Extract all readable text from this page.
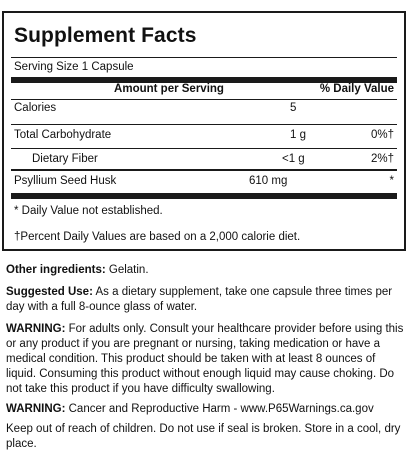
Supplement Facts
Serving Size 1 Capsule
Amount per Serving	% Daily Value
Calories	5
Total Carbohydrate	1 g	0%†
Dietary Fiber	<1 g	2%†
Psyllium Seed Husk	610 mg	*
* Daily Value not established.
†Percent Daily Values are based on a 2,000 calorie diet.
Other ingredients: Gelatin.
Suggested Use: As a dietary supplement, take one capsule three times per day with a full 8-ounce glass of water.
WARNING: For adults only. Consult your healthcare provider before using this or any product if you are pregnant or nursing, taking medication or have a medical condition. This product should be taken with at least 8 ounces of liquid. Consuming this product without enough liquid may cause choking. Do not take this product if you have difficulty swallowing.
WARNING: Cancer and Reproductive Harm - www.P65Warnings.ca.gov
Keep out of reach of children. Do not use if seal is broken. Store in a cool, dry place.
